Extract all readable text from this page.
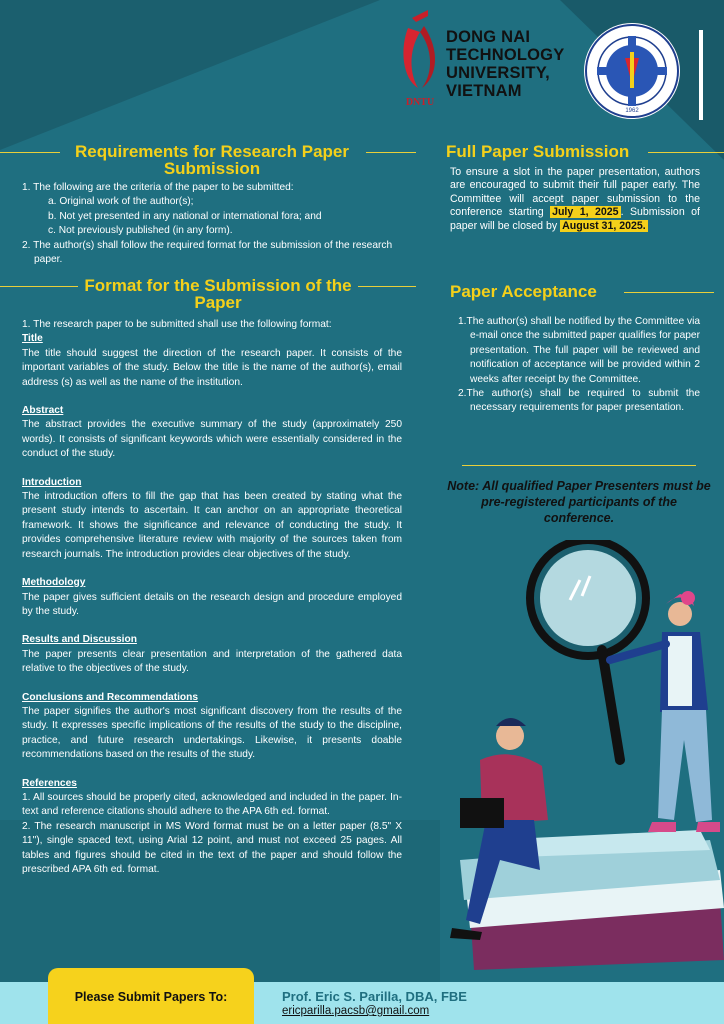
DNTU
DONG NAI
TECHNOLOGY
UNIVERSITY,
VIETNAM
1962
Requirements for Research Paper Submission

1. The following are the criteria of the paper to be submitted:

a. Original work of the author(s);

b. Not yet presented in any national or international fora; and

c. Not previously published (in any form).

2. The author(s) shall follow the required format for the submission of the research paper.

Format for the Submission of the Paper

1. The research paper to be submitted shall use the following format:

Title

The title should suggest the direction of the research paper. It consists of the important variables of the study. Below the title is the name of the author(s), email address (s) as well as the name of the institution.

Abstract

The abstract provides the executive summary of the study (approximately 250 words). It consists of significant keywords which were essentially considered in the conduct of the study.

Introduction

The introduction offers to fill the gap that has been created by stating what the present study intends to ascertain. It can anchor on an appropriate theoretical framework. It shows the significance and relevance of conducting the study. It provides comprehensive literature review with majority of the sources taken from research journals. The introduction provides clear objectives of the study.

Methodology

The paper gives sufficient details on the research design and procedure employed by the study.

Results and Discussion

The paper presents clear presentation and interpretation of the gathered data relative to the objectives of the study.

Conclusions and Recommendations

The paper signifies the author's most significant discovery from the results of the study. It expresses specific implications of the results of the study to the discipline, practice, and future research undertakings. Likewise, it presents doable recommendations based on the results of the study.

References

1. All sources should be properly cited, acknowledged and included in the paper. In-text and reference citations should adhere to the APA 6th ed. format.

2. The research manuscript in MS Word format must be on a letter paper (8.5" X 11"), single spaced text, using Arial 12 point, and must not exceed 25 pages. All tables and figures should be cited in the text of the paper and should follow the prescribed APA 6th ed. format.

Full Paper Submission
To ensure a slot in the paper presentation, authors are encouraged to submit their full paper early. The Committee will accept paper submission to the conference starting July 1, 2025 . Submission of paper will be closed by August 31, 2025.
Paper Acceptance

1.The author(s) shall be notified by the Committee via e-mail once the submitted paper qualifies for paper presentation. The full paper will be reviewed and notification of acceptance will be provided within 2 weeks after receipt by the Committee.

2.The author(s) shall be required to submit the necessary requirements for paper presentation.

Note: All qualified Paper Presenters must be pre-registered participants of the conference.
Please Submit Papers To:	Prof. Eric S. Parilla, DBA, FBE
ericparilla.pacsb@gmail.com
